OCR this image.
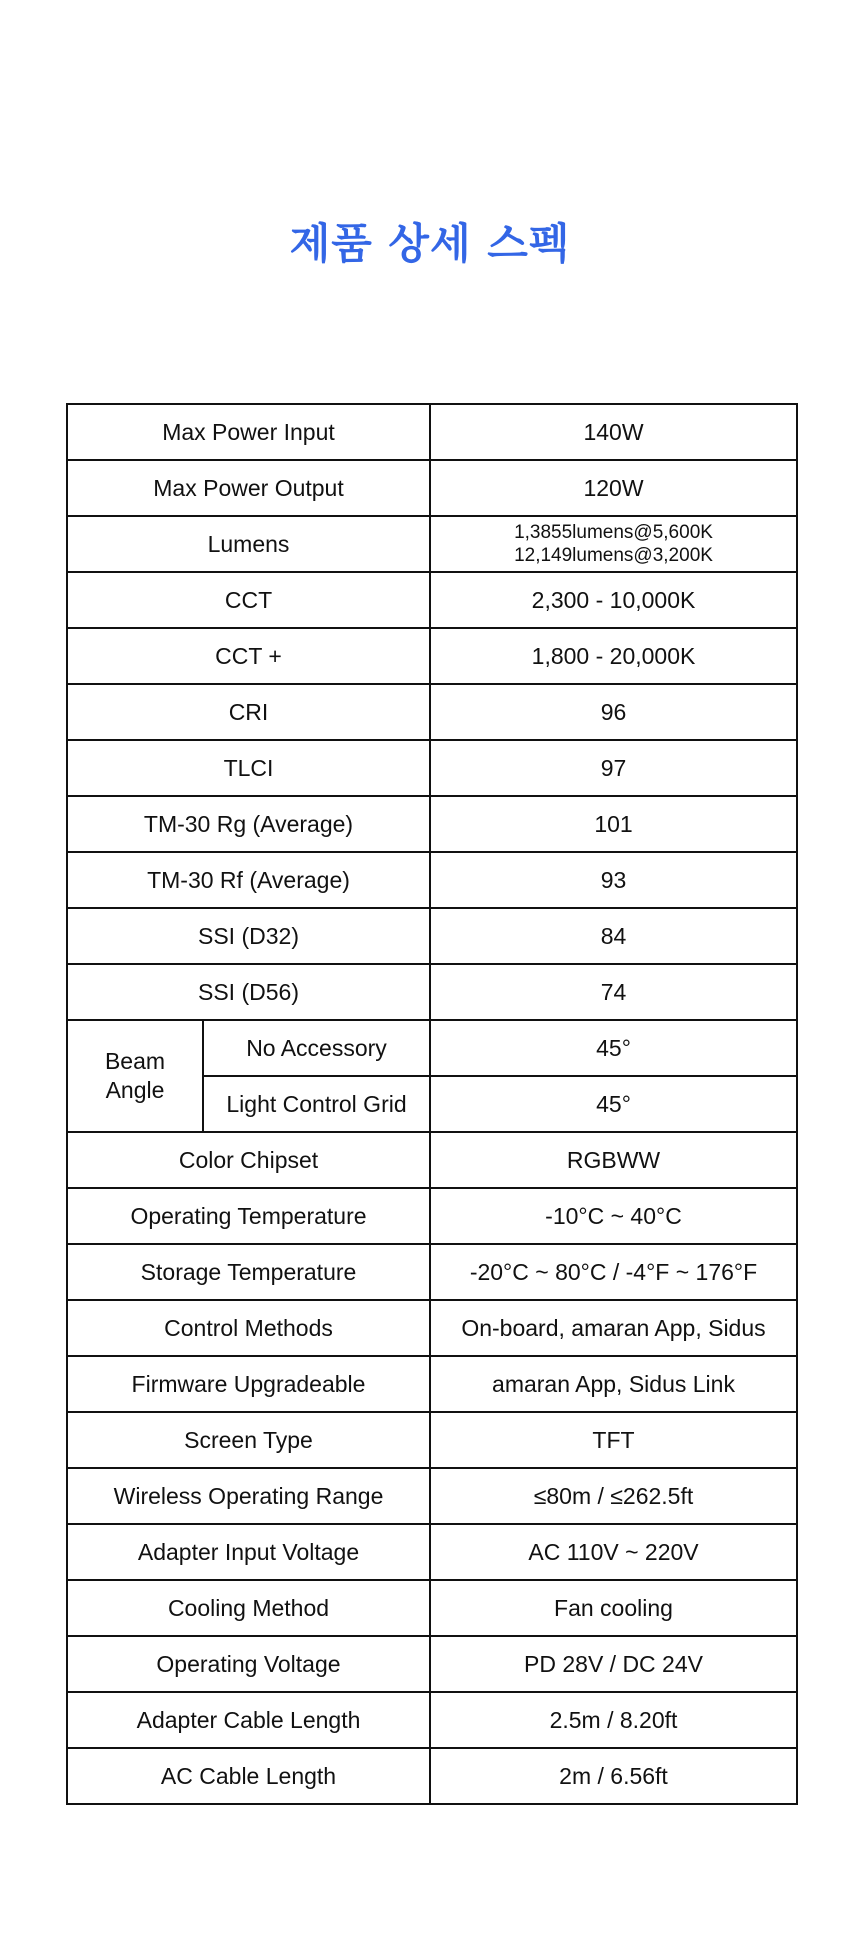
제품 상세 스펙
Max Power Input		140W
Max Power Output		120W
Lumens		1,3855lumens@5,600K
12,149lumens@3,200K

CCT		2,300 - 10,000K
CCT +		1,800 - 20,000K
CRI		96
TLCI		97
TM-30 Rg (Average)		101
TM-30 Rf (Average)		93
SSI (D32)		84
SSI (D56)		74
Beam
Angle	No Accessory	45°
	Light Control Grid	45°
Color Chipset		RGBWW
Operating Temperature		-10°C ~ 40°C
Storage Temperature		-20°C ~ 80°C / -4°F ~ 176°F
Control Methods		On-board, amaran App, Sidus
Firmware Upgradeable		amaran App, Sidus Link
Screen Type		TFT
Wireless Operating Range		≤80m / ≤262.5ft
Adapter Input Voltage		AC 110V ~ 220V
Cooling Method		Fan cooling
Operating Voltage		PD 28V / DC 24V
Adapter Cable Length		2.5m / 8.20ft
AC Cable Length		2m / 6.56ft
